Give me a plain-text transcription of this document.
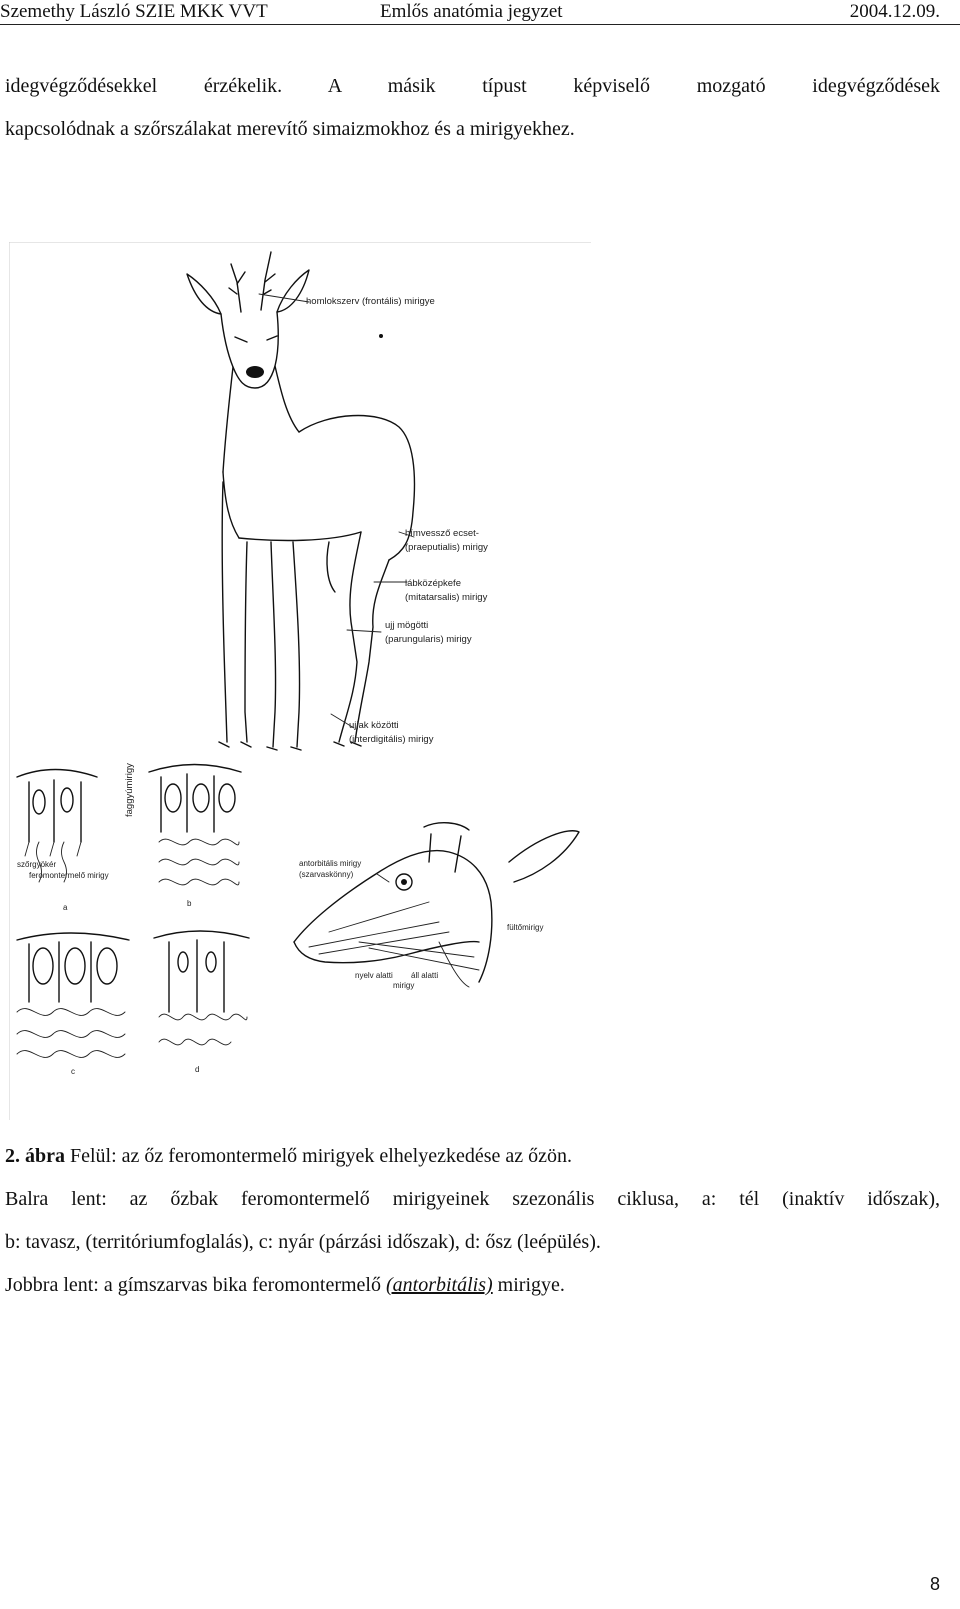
Szemethy László SZIE MKK VVT	Emlős anatómia jegyzet	2004.12.09.
idegvégződésekkel érzékelik. A másik típust képviselő mozgató idegvégződések
kapcsolódnak a szőrszálakat merevítő simaizmokhoz és a mirigyekhez.
homlokszerv (frontális) mirigye
hímvessző ecset-
(praeputialis) mirigy
lábközépkefe
(mitatarsalis) mirigy
ujj mögötti
(parungularis) mirigy
ujjak közötti
(interdigitális) mirigy
faggyúmirigy
szőrgyökér
feromontermelő mirigy
a	b
c	d
antorbitális mirigy
(szarvaskönny)
fültőmirigy
nyelv alatti áll alatti
mirigy
2. ábra Felül: az őz feromontermelő mirigyek elhelyezkedése az őzön.
Balra lent: az őzbak feromontermelő mirigyeinek szezonális ciklusa, a: tél (inaktív időszak),
b: tavasz, (territóriumfoglalás), c: nyár (párzási időszak), d: ősz (leépülés).
Jobbra lent: a gímszarvas bika feromontermelő (antorbitális) mirigye.
8
